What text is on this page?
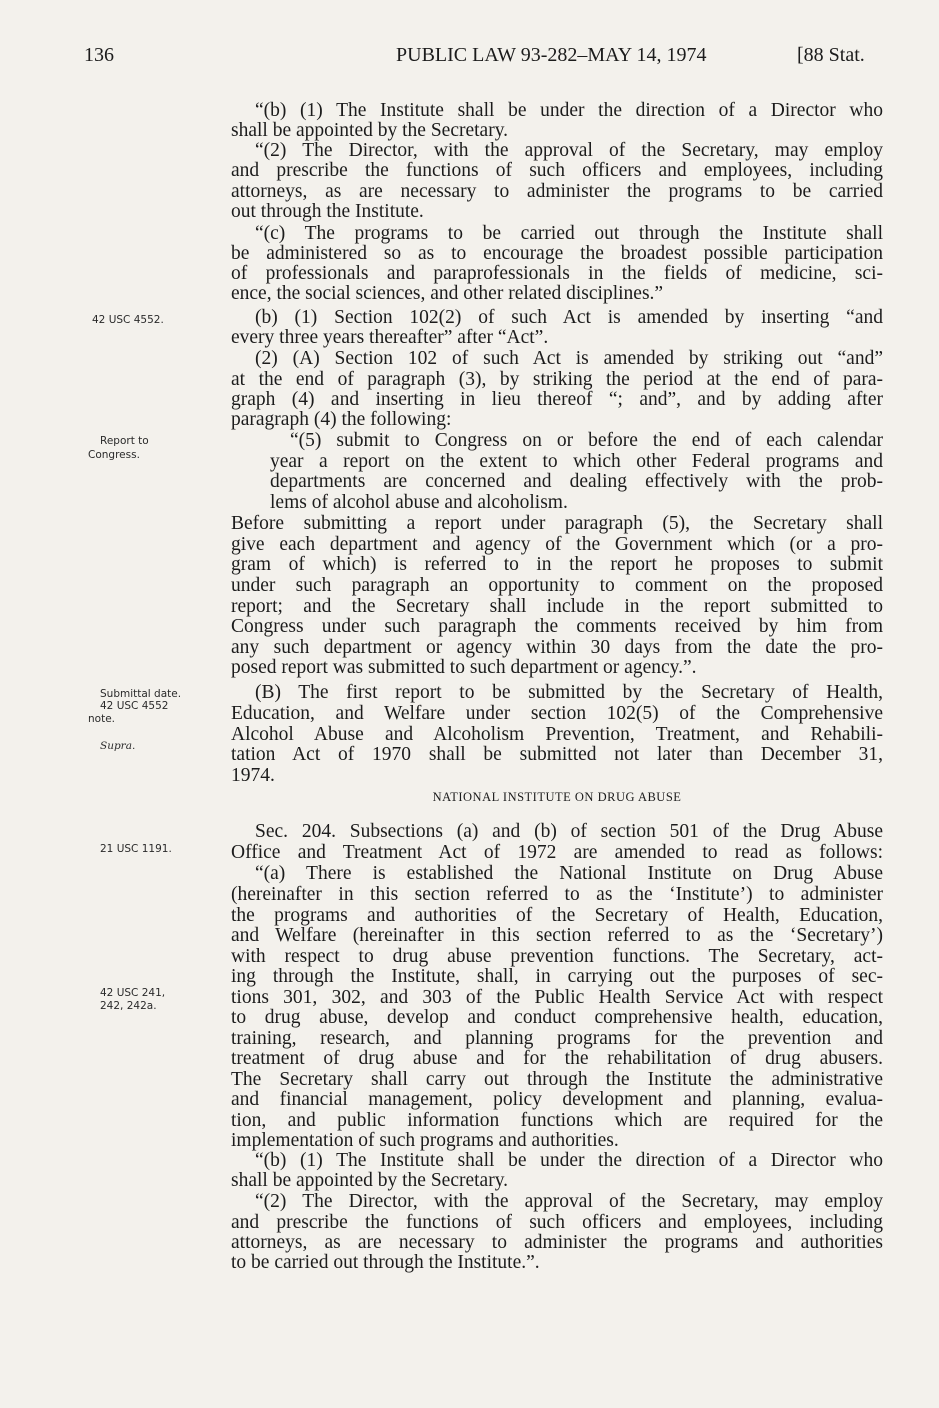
136	PUBLIC LAW 93-282–MAY 14, 1974	[88 Stat.
42 USC 4552.
Report to
Congress.
Submittal date.
42 USC 4552
note.
Supra.
21 USC 1191.
42 USC 241,
242, 242a.
NATIONAL INSTITUTE ON DRUG ABUSE
“(b) (1) The Institute shall be under the direction of a Director who
shall be appointed by the Secretary.
“(2) The Director, with the approval of the Secretary, may employ
and prescribe the functions of such officers and employees, including
attorneys, as are necessary to administer the programs to be carried
out through the Institute.
“(c) The programs to be carried out through the Institute shall
be administered so as to encourage the broadest possible participation
of professionals and paraprofessionals in the fields of medicine, sci-
ence, the social sciences, and other related disciplines.”
(b) (1) Section 102(2) of such Act is amended by inserting “and
every three years thereafter” after “Act”.
(2) (A) Section 102 of such Act is amended by striking out “and”
at the end of paragraph (3), by striking the period at the end of para-
graph (4) and inserting in lieu thereof “; and”, and by adding after
paragraph (4) the following:
“(5) submit to Congress on or before the end of each calendar
year a report on the extent to which other Federal programs and
departments are concerned and dealing effectively with the prob-
lems of alcohol abuse and alcoholism.
Before submitting a report under paragraph (5), the Secretary shall
give each department and agency of the Government which (or a pro-
gram of which) is referred to in the report he proposes to submit
under such paragraph an opportunity to comment on the proposed
report; and the Secretary shall include in the report submitted to
Congress under such paragraph the comments received by him from
any such department or agency within 30 days from the date the pro-
posed report was submitted to such department or agency.”.
(B) The first report to be submitted by the Secretary of Health,
Education, and Welfare under section 102(5) of the Comprehensive
Alcohol Abuse and Alcoholism Prevention, Treatment, and Rehabili-
tation Act of 1970 shall be submitted not later than December 31,
1974.
Sec. 204. Subsections (a) and (b) of section 501 of the Drug Abuse
Office and Treatment Act of 1972 are amended to read as follows:
“(a) There is established the National Institute on Drug Abuse
(hereinafter in this section referred to as the ‘Institute’) to administer
the programs and authorities of the Secretary of Health, Education,
and Welfare (hereinafter in this section referred to as the ‘Secretary’)
with respect to drug abuse prevention functions. The Secretary, act-
ing through the Institute, shall, in carrying out the purposes of sec-
tions 301, 302, and 303 of the Public Health Service Act with respect
to drug abuse, develop and conduct comprehensive health, education,
training, research, and planning programs for the prevention and
treatment of drug abuse and for the rehabilitation of drug abusers.
The Secretary shall carry out through the Institute the administrative
and financial management, policy development and planning, evalua-
tion, and public information functions which are required for the
implementation of such programs and authorities.
“(b) (1) The Institute shall be under the direction of a Director who
shall be appointed by the Secretary.
“(2) The Director, with the approval of the Secretary, may employ
and prescribe the functions of such officers and employees, including
attorneys, as are necessary to administer the programs and authorities
to be carried out through the Institute.”.
